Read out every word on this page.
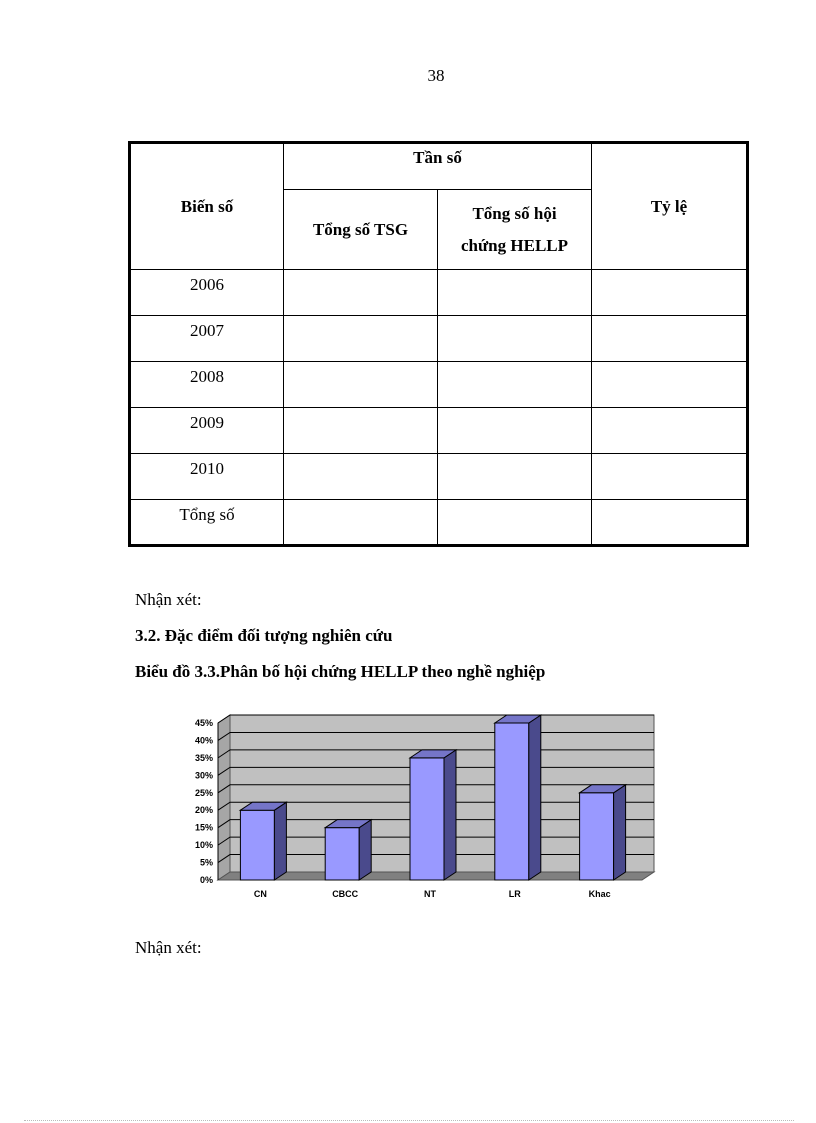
38
Biến số	Tần số		Tỷ lệ
	Tổng số TSG	Tổng số hội
chứng HELLP	
2006			
2007			
2008			
2009			
2010			
Tổng số			
Nhận xét:
3.2. Đặc điểm đối tượng nghiên cứu
Biểu đồ 3.3.Phân bố hội chứng HELLP theo nghề nghiệp
0%
5%
10%
15%
20%
25%
30%
35%
40%
45%
CN	CBCC	NT	LR	Khac
Nhận xét:
